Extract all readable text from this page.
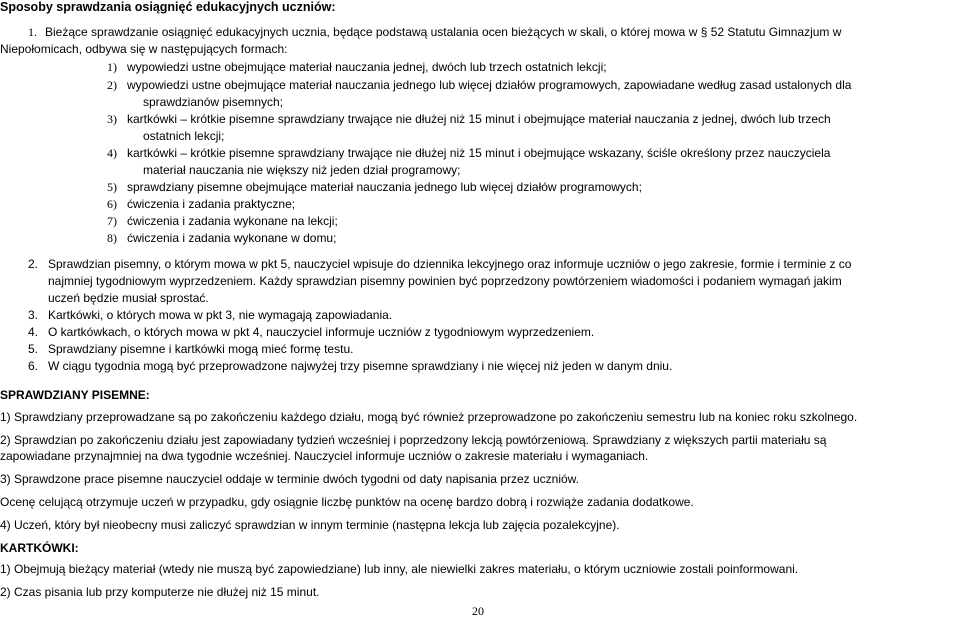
Sposoby sprawdzania osiągnięć edukacyjnych uczniów:
1. Bieżące sprawdzanie osiągnięć edukacyjnych ucznia, będące podstawą ustalania ocen bieżących w skali, o której mowa w § 52 Statutu Gimnazjum w
Niepołomicach, odbywa się w następujących formach:
1) wypowiedzi ustne obejmujące materiał nauczania jednej, dwóch lub trzech ostatnich lekcji;
2) wypowiedzi ustne obejmujące materiał nauczania jednego lub więcej działów programowych, zapowiadane według zasad ustalonych dla
sprawdzianów pisemnych;
3) kartkówki – krótkie pisemne sprawdziany trwające nie dłużej niż 15 minut i obejmujące materiał nauczania z jednej, dwóch lub trzech
ostatnich lekcji;
4) kartkówki – krótkie pisemne sprawdziany trwające nie dłużej niż 15 minut i obejmujące wskazany, ściśle określony przez nauczyciela
materiał nauczania nie większy niż jeden dział programowy;
5) sprawdziany pisemne obejmujące materiał nauczania jednego lub więcej działów programowych;
6) ćwiczenia i zadania praktyczne;
7) ćwiczenia i zadania wykonane na lekcji;
8) ćwiczenia i zadania wykonane w domu;
2. Sprawdzian pisemny, o którym mowa w pkt 5, nauczyciel wpisuje do dziennika lekcyjnego oraz informuje uczniów o jego zakresie, formie i terminie z co
najmniej tygodniowym wyprzedzeniem. Każdy sprawdzian pisemny powinien być poprzedzony powtórzeniem wiadomości i podaniem wymagań jakim
uczeń będzie musiał sprostać.
3. Kartkówki, o których mowa w pkt 3, nie wymagają zapowiadania.
4. O kartkówkach, o których mowa w pkt 4, nauczyciel informuje uczniów z tygodniowym wyprzedzeniem.
5. Sprawdziany pisemne i kartkówki mogą mieć formę testu.
6. W ciągu tygodnia mogą być przeprowadzone najwyżej trzy pisemne sprawdziany i nie więcej niż jeden w danym dniu.
SPRAWDZIANY PISEMNE:
1) Sprawdziany przeprowadzane są po zakończeniu każdego działu, mogą być również przeprowadzone po zakończeniu semestru lub na koniec roku szkolnego.
2) Sprawdzian po zakończeniu działu jest zapowiadany tydzień wcześniej i poprzedzony lekcją powtórzeniową. Sprawdziany z większych partii materiału są
zapowiadane przynajmniej na dwa tygodnie wcześniej. Nauczyciel informuje uczniów o zakresie materiału i wymaganiach.
3) Sprawdzone prace pisemne nauczyciel oddaje w terminie dwóch tygodni od daty napisania przez uczniów.
Ocenę celującą otrzymuje uczeń w przypadku, gdy osiągnie liczbę punktów na ocenę bardzo dobrą i rozwiąże zadania dodatkowe.
4) Uczeń, który był nieobecny musi zaliczyć sprawdzian w innym terminie (następna lekcja lub zajęcia pozalekcyjne).
KARTKÓWKI:
1) Obejmują bieżący materiał (wtedy nie muszą być zapowiedziane) lub inny, ale niewielki zakres materiału, o którym uczniowie zostali poinformowani.
2) Czas pisania lub przy komputerze nie dłużej niż 15 minut.
20
